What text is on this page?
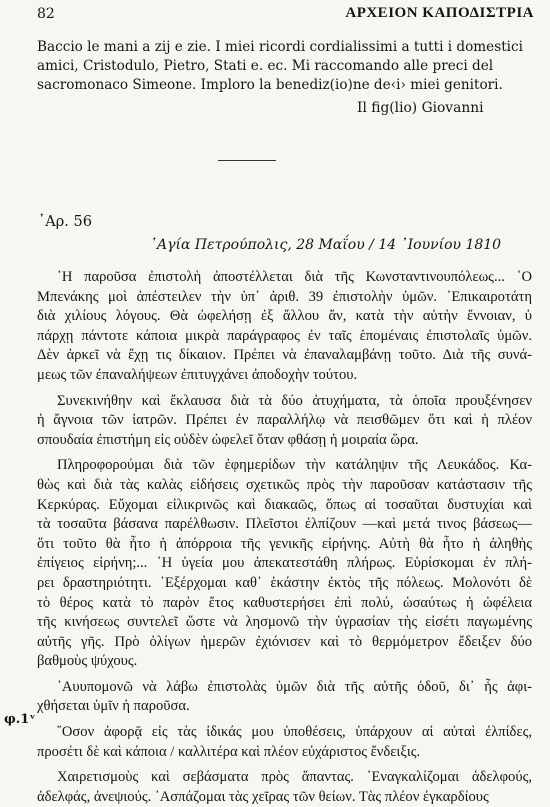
82	ΑΡΧΕΙΟΝ ΚΑΠΟΔΙΣΤΡΙΑ
Baccio le mani a zij e zie. I miei ricordi cordialissimi a tutti i domestici
amici, Cristodulo, Pietro, Stati e. ec. Mi raccomando alle preci del
sacromonaco Simeone. Imploro la benediz(io)ne de‹i› miei genitori.
Il fig(lio) Giovanni
᾿Αρ. 56
῾Αγία Πετρούπολις, 28 Μαΐου / 14 ᾿Ιουνίου 1810
φ.1ᵛ
῾Η παροῦσα ἐπιστολὴ ἀποστέλλεται διὰ τῆς Κωνσταντινουπόλεως... ῾Ο
Μπενάκης μοὶ ἀπέστειλεν τὴν ὑπ᾿ ἀριθ. 39 ἐπιστολὴν ὑμῶν. ᾿Επικαιροτάτη
διὰ χιλίους λόγους. Θὰ ὠφελήσῃ ἐξ ἄλλου ἄν, κατὰ τὴν αὐτὴν ἔννοιαν, ὑ
πάρχῃ πάντοτε κάποια μικρὰ παράγραφος ἐν ταῖς ἑπομέναις ἐπιστολαῖς ὑμῶν.
Δὲν ἀρκεῖ νὰ ἔχῃ τις δίκαιον. Πρέπει νὰ ἐπαναλαμβάνῃ τοῦτο. Διὰ τῆς συνά-
μεως τῶν ἐπαναλήψεων ἐπιτυγχάνει ἀποδοχὴν τούτου.
Συνεκινήθην καὶ ἔκλαυσα διὰ τὰ δύο ἀτυχήματα, τὰ ὁποῖα προυξένησεν
ἡ ἄγνοια τῶν ἰατρῶν. Πρέπει ἐν παραλλήλῳ νὰ πεισθῶμεν ὅτι καὶ ἡ πλέον
σπουδαία ἐπιστήμη εἰς οὐδὲν ὠφελεῖ ὅταν φθάσῃ ἡ μοιραία ὥρα.
Πληροφορούμαι διὰ τῶν ἐφημερίδων τὴν κατάληψιν τῆς Λευκάδος. Κα-
θὼς καὶ διὰ τὰς καλὰς εἰδήσεις σχετικῶς πρὸς τὴν παροῦσαν κατάστασιν τῆς
Κερκύρας. Εὔχομαι εἰλικρινῶς καὶ διακαῶς, ὅπως αἱ τοσαῦται δυστυχίαι καὶ
τὰ τοσαῦτα βάσανα παρέλθωσιν. Πλεῖστοι ἐλπίζουν —καὶ μετά τινος βάσεως—
ὅτι τοῦτο θὰ ἦτο ἡ ἀπόρροια τῆς γενικῆς εἰρήνης. Αὐτὴ θὰ ἦτο ἡ ἀληθὴς
ἐπίγειος εἰρήνη;... ῾Η ὑγεία μου ἀπεκατεστάθη πλήρως. Εὑρίσκομαι ἐν πλή-
ρει δραστηριότητι. ᾿Εξέρχομαι καθ᾿ ἑκάστην ἐκτὸς τῆς πόλεως. Μολονότι δὲ
τὸ θέρος κατὰ τὸ παρὸν ἔτος καθυστερήσει ἐπὶ πολύ, ὡσαύτως ἡ ὠφέλεια
τῆς κινήσεως συντελεῖ ὥστε νὰ λησμονῶ τὴν ὑγρασίαν τὴς εἰσέτι παγωμένης
αὐτῆς γῆς. Πρὸ ὀλίγων ἡμερῶν ἐχιόνισεν καὶ τὸ θερμόμετρον ἔδειξεν δύο
βαθμοὺς ψύχους.
᾿Αυυπομονῶ νὰ λάβω ἐπιστολὰς ὑμῶν διὰ τῆς αὐτῆς ὁδοῦ, δι᾿ ἧς ἀφι-
χθήσεται ὑμῖν ἡ παροῦσα.
῞Οσον ἀφορᾷ εἰς τὰς ἰδικάς μου ὑποθέσεις, ὑπάρχουν αἱ αὐταὶ ἐλπίδες,
προσέτι δὲ καὶ κάποια / καλλιτέρα καὶ πλέον εὐχάριστος ἔνδειξις.
Χαιρετισμοὺς καὶ σεβάσματα πρὸς ἅπαντας. ᾿Εναγκαλίζομαι ἀδελφούς,
ἀδελφάς, ἀνεψιούς. ᾿Ασπάζομαι τὰς χεῖρας τῶν θείων. Τὰς πλέον ἐγκαρδίους
